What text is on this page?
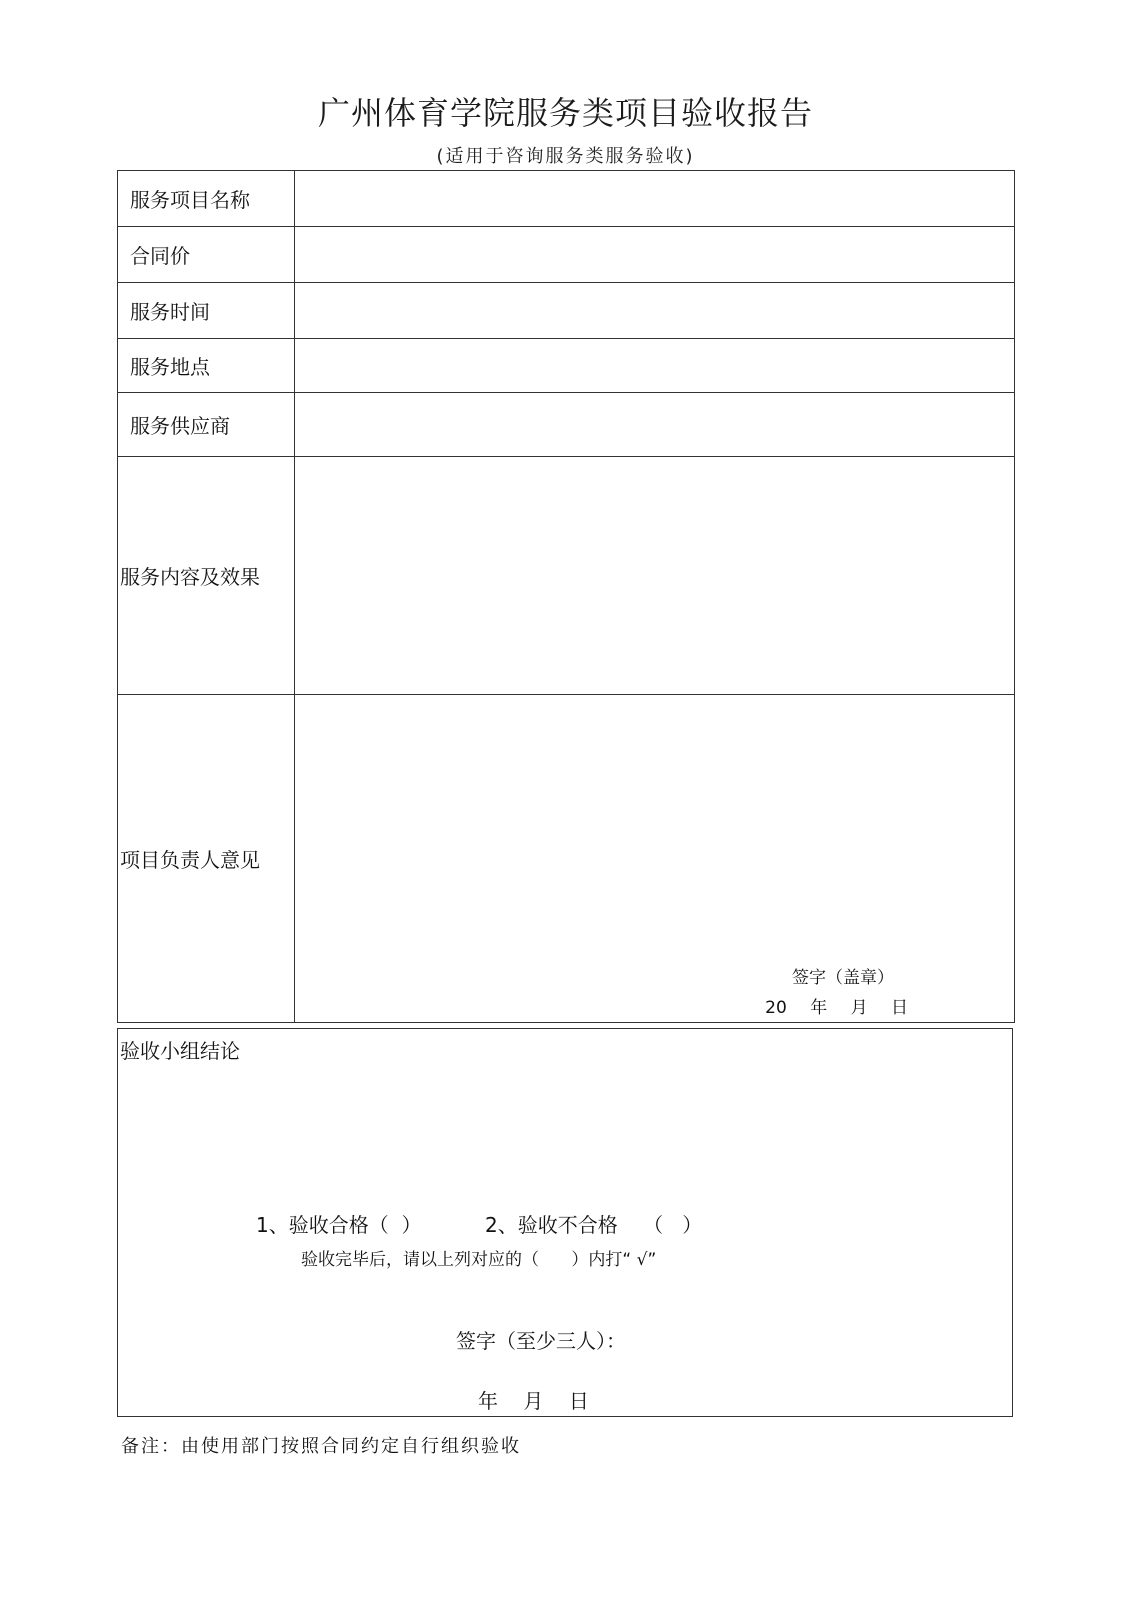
广州体育学院服务类项目验收报告
(适用于咨询服务类服务验收)
服务项目名称
合同价
服务时间
服务地点
服务供应商
服务内容及效果
项目负责人意见
签字（盖章）
20 年 月 日
验收小组结论
1、验收合格（  ）          2、验收不合格    （   ）
验收完毕后，请以上列对应的（      ）内打“ √”
签字（至少三人）：
年    月    日
备注：由使用部门按照合同约定自行组织验收
